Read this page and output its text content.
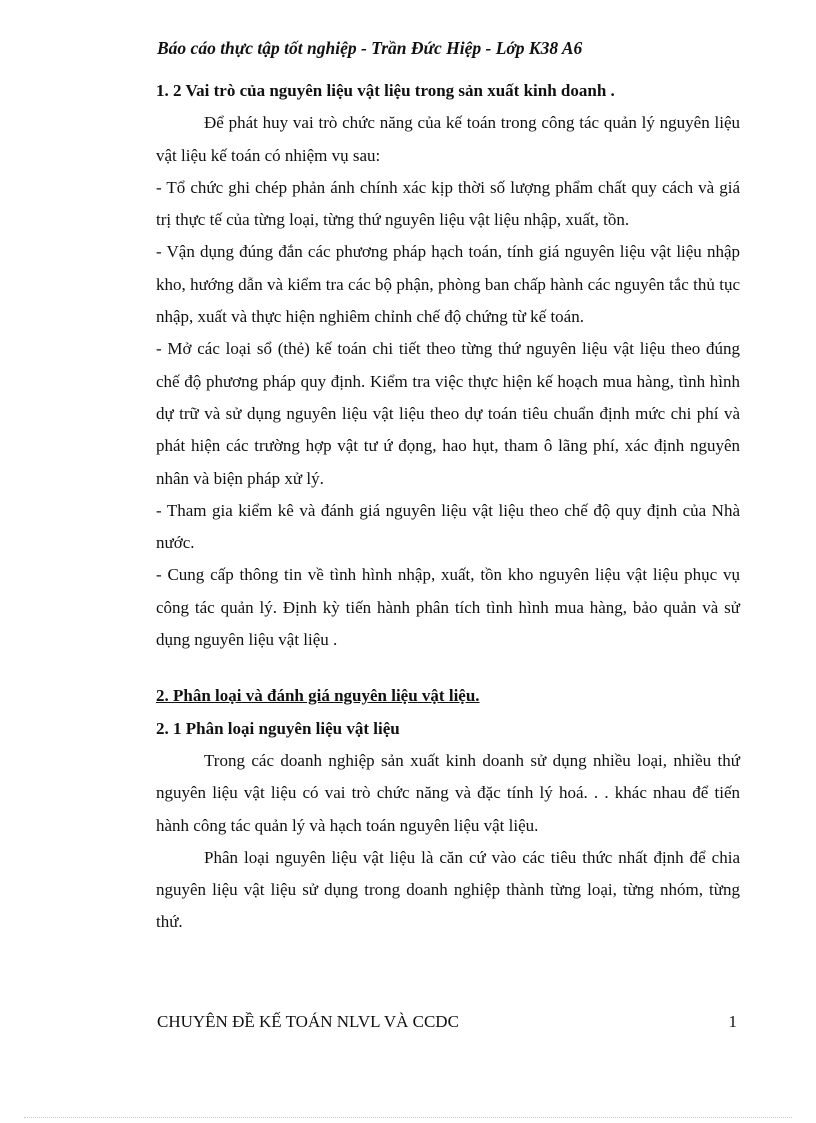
Báo cáo thực tập tốt nghiệp - Trần Đức Hiệp - Lớp K38 A6

1. 2 Vai trò của nguyên liệu vật liệu trong sản xuất kinh doanh .

Để phát huy vai trò chức năng của kế toán trong công tác quản lý nguyên liệu vật liệu kế toán có nhiệm vụ sau:

- Tổ chức ghi chép phản ánh chính xác kịp thời số lượng phẩm chất quy cách và giá trị thực tế của từng loại, từng thứ nguyên liệu vật liệu nhập, xuất, tồn.

- Vận dụng đúng đắn các phương pháp hạch toán, tính giá nguyên liệu vật liệu nhập kho, hướng dẫn và kiểm tra các bộ phận, phòng ban chấp hành các nguyên tắc thủ tục nhập, xuất và thực hiện nghiêm chỉnh chế độ chứng từ kế toán.

- Mở các loại sổ (thẻ) kế toán chi tiết theo từng thứ nguyên liệu vật liệu theo đúng chế độ phương pháp quy định. Kiểm tra việc thực hiện kế hoạch mua hàng, tình hình dự trữ và sử dụng nguyên liệu vật liệu theo dự toán tiêu chuẩn định mức chi phí và phát hiện các trường hợp vật tư ứ đọng, hao hụt, tham ô lãng phí, xác định nguyên nhân và biện pháp xử lý.

- Tham gia kiểm kê và đánh giá nguyên liệu vật liệu theo chế độ quy định của Nhà nước.

- Cung cấp thông tin về tình hình nhập, xuất, tồn kho nguyên liệu vật liệu phục vụ công tác quản lý. Định kỳ tiến hành phân tích tình hình mua hàng, bảo quản và sử dụng nguyên liệu vật liệu .

2. Phân loại và đánh giá nguyên liệu vật liệu.

2. 1 Phân loại nguyên liệu vật liệu

Trong các doanh nghiệp sản xuất kinh doanh sử dụng nhiều loại, nhiều thứ nguyên liệu vật liệu có vai trò chức năng và đặc tính lý hoá. . . khác nhau để tiến hành công tác quản lý và hạch toán nguyên liệu vật liệu.

Phân loại nguyên liệu vật liệu là căn cứ vào các tiêu thức nhất định để chia nguyên liệu vật liệu sử dụng trong doanh nghiệp thành từng loại, từng nhóm, từng thứ.

CHUYÊN ĐỀ KẾ TOÁN NLVL VÀ CCDC	1
